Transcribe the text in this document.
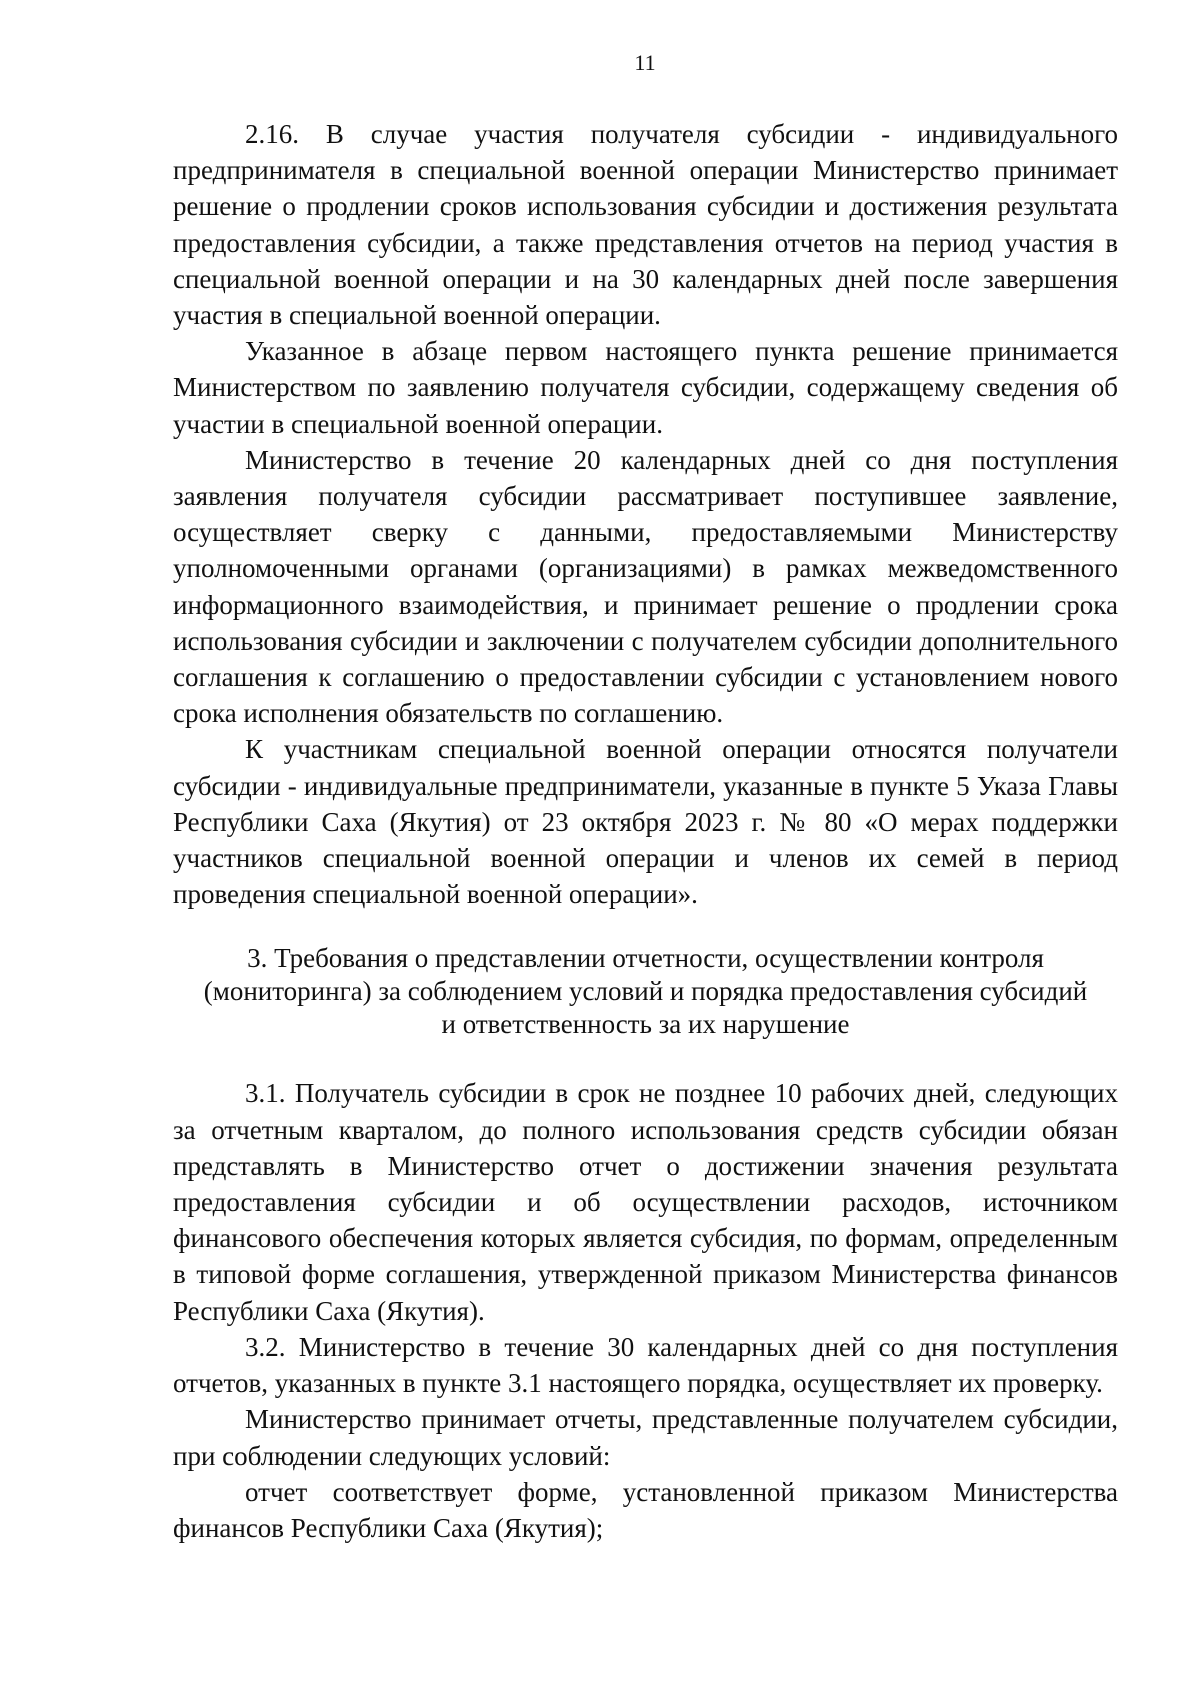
11

2.16. В случае участия получателя субсидии - индивидуального предпринимателя в специальной военной операции Министерство принимает решение о продлении сроков использования субсидии и достижения результата предоставления субсидии, а также представления отчетов на период участия в специальной военной операции и на 30 календарных дней после завершения участия в специальной военной операции.

Указанное в абзаце первом настоящего пункта решение принимается Министерством по заявлению получателя субсидии, содержащему сведения об участии в специальной военной операции.

Министерство в течение 20 календарных дней со дня поступления заявления получателя субсидии рассматривает поступившее заявление, осуществляет сверку с данными, предоставляемыми Министерству уполномоченными органами (организациями) в рамках межведомственного информационного взаимодействия, и принимает решение о продлении срока использования субсидии и заключении с получателем субсидии дополнительного соглашения к соглашению о предоставлении субсидии с установлением нового срока исполнения обязательств по соглашению.

К участникам специальной военной операции относятся получатели субсидии - индивидуальные предприниматели, указанные в пункте 5 Указа Главы Республики Саха (Якутия) от 23 октября 2023 г. № 80 «О мерах поддержки участников специальной военной операции и членов их семей в период проведения специальной военной операции».

3. Требования о представлении отчетности, осуществлении контроля
(мониторинга) за соблюдением условий и порядка предоставления субсидий
и ответственность за их нарушение

3.1. Получатель субсидии в срок не позднее 10 рабочих дней, следующих за отчетным кварталом, до полного использования средств субсидии обязан представлять в Министерство отчет о достижении значения результата предоставления субсидии и об осуществлении расходов, источником финансового обеспечения которых является субсидия, по формам, определенным в типовой форме соглашения, утвержденной приказом Министерства финансов Республики Саха (Якутия).

3.2. Министерство в течение 30 календарных дней со дня поступления отчетов, указанных в пункте 3.1 настоящего порядка, осуществляет их проверку.

Министерство принимает отчеты, представленные получателем субсидии, при соблюдении следующих условий:

отчет соответствует форме, установленной приказом Министерства финансов Республики Саха (Якутия);
